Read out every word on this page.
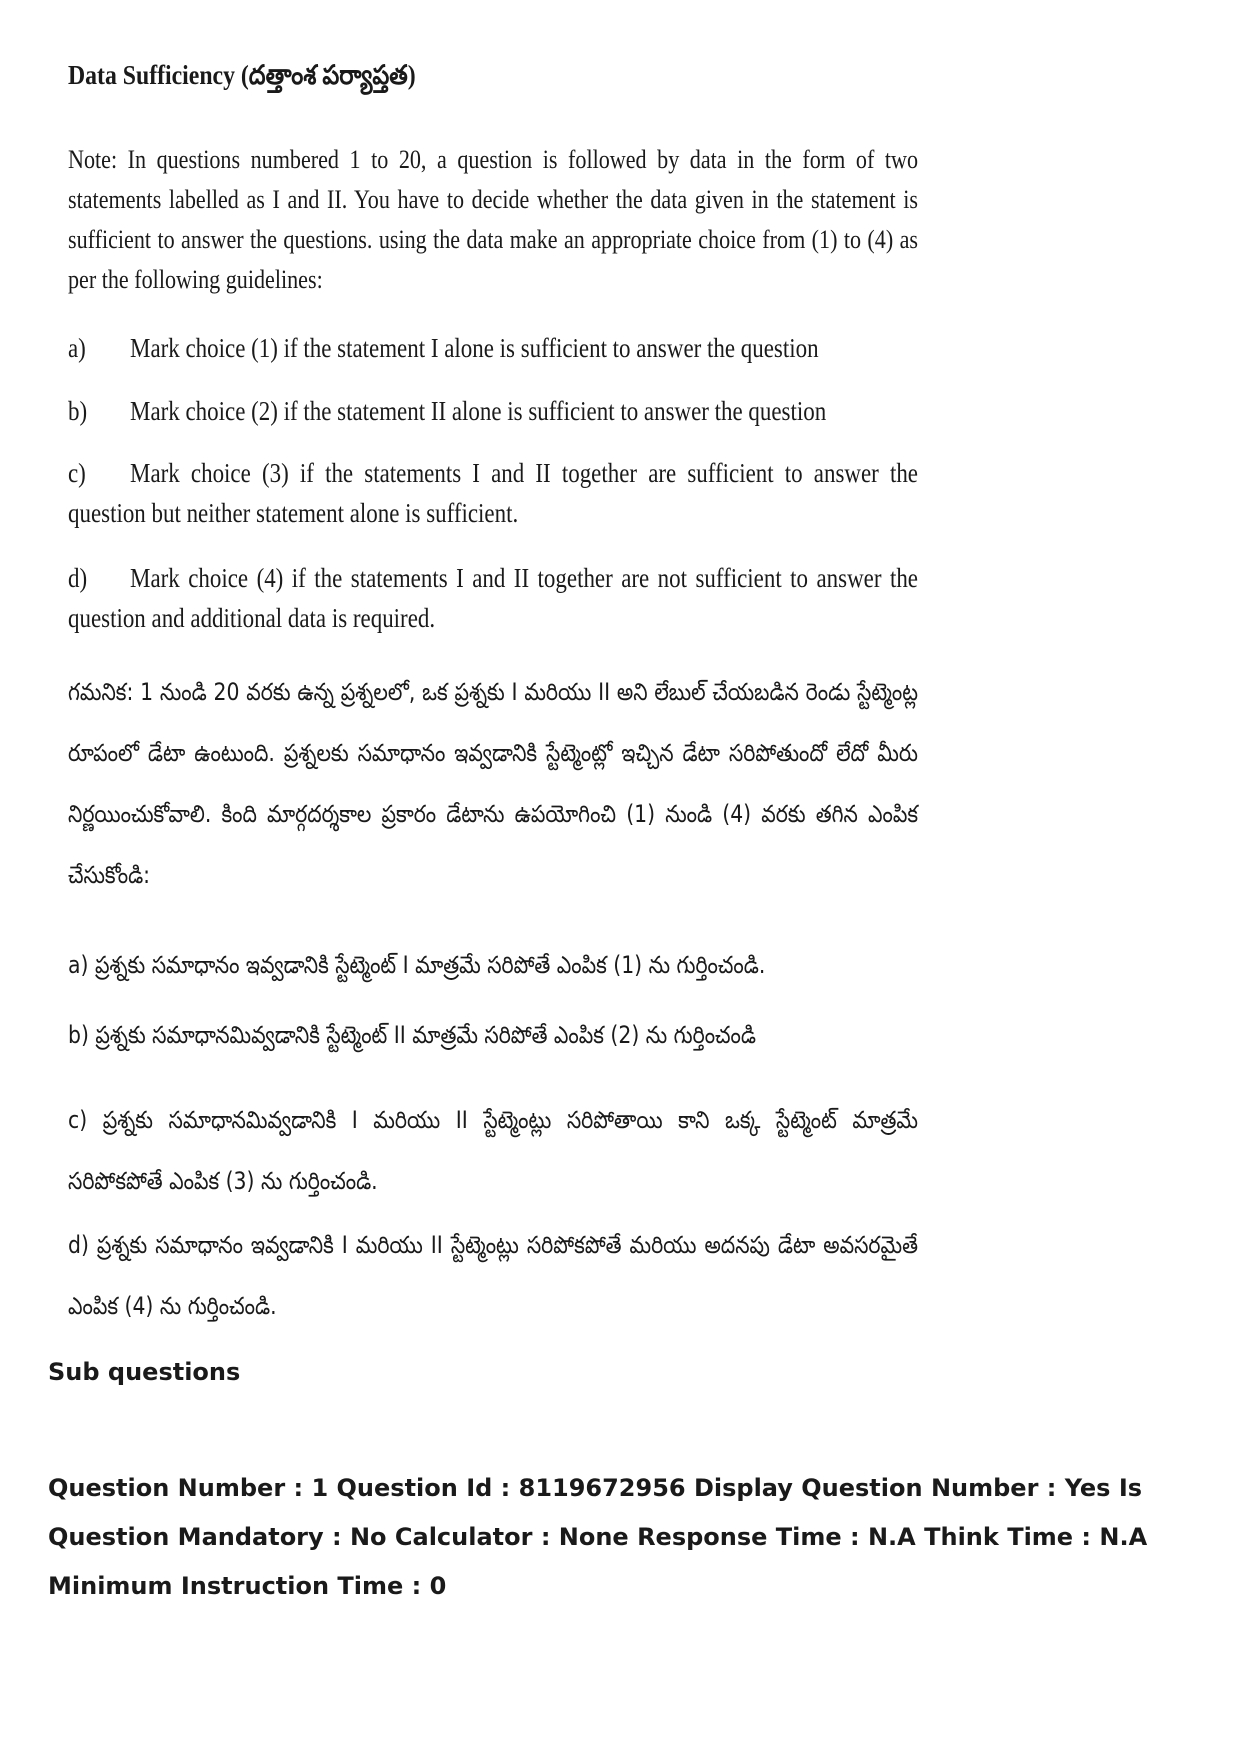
Data Sufficiency (దత్తాంశ పర్యాప్తత)
Note: In questions numbered 1 to 20, a question is followed by data in the form of two statements labelled as I and II. You have to decide whether the data given in the statement is sufficient to answer the questions. using the data make an appropriate choice from (1) to (4) as per the following guidelines:
a) Mark choice (1) if the statement I alone is sufficient to answer the question
b) Mark choice (2) if the statement II alone is sufficient to answer the question
c) Mark choice (3) if the statements I and II together are sufficient to answer the question but neither statement alone is sufficient.
d) Mark choice (4) if the statements I and II together are not sufficient to answer the question and additional data is required.
గమనిక: 1 నుండి 20 వరకు ఉన్న ప్రశ్నలలో, ఒక ప్రశ్నకు I మరియు II అని లేబుల్ చేయబడిన రెండు స్టేట్మెంట్ల రూపంలో డేటా ఉంటుంది. ప్రశ్నలకు సమాధానం ఇవ్వడానికి స్టేట్మెంట్లో ఇచ్చిన డేటా సరిపోతుందో లేదో మీరు నిర్ణయించుకోవాలి. కింది మార్గదర్శకాల ప్రకారం డేటాను ఉపయోగించి (1) నుండి (4) వరకు తగిన ఎంపిక చేసుకోండి:
a) ప్రశ్నకు సమాధానం ఇవ్వడానికి స్టేట్మెంట్ I మాత్రమే సరిపోతే ఎంపిక (1) ను గుర్తించండి.
b) ప్రశ్నకు సమాధానమివ్వడానికి స్టేట్మెంట్ II మాత్రమే సరిపోతే ఎంపిక (2) ను గుర్తించండి
c) ప్రశ్నకు సమాధానమివ్వడానికి I మరియు II స్టేట్మెంట్లు సరిపోతాయి కాని ఒక్క స్టేట్మెంట్ మాత్రమే సరిపోకపోతే ఎంపిక (3) ను గుర్తించండి.
d) ప్రశ్నకు సమాధానం ఇవ్వడానికి I మరియు II స్టేట్మెంట్లు సరిపోకపోతే మరియు అదనపు డేటా అవసరమైతే ఎంపిక (4) ను గుర్తించండి.
Sub questions
Question Number : 1 Question Id : 8119672956 Display Question Number : Yes Is Question Mandatory : No Calculator : None Response Time : N.A Think Time : N.A Minimum Instruction Time : 0
